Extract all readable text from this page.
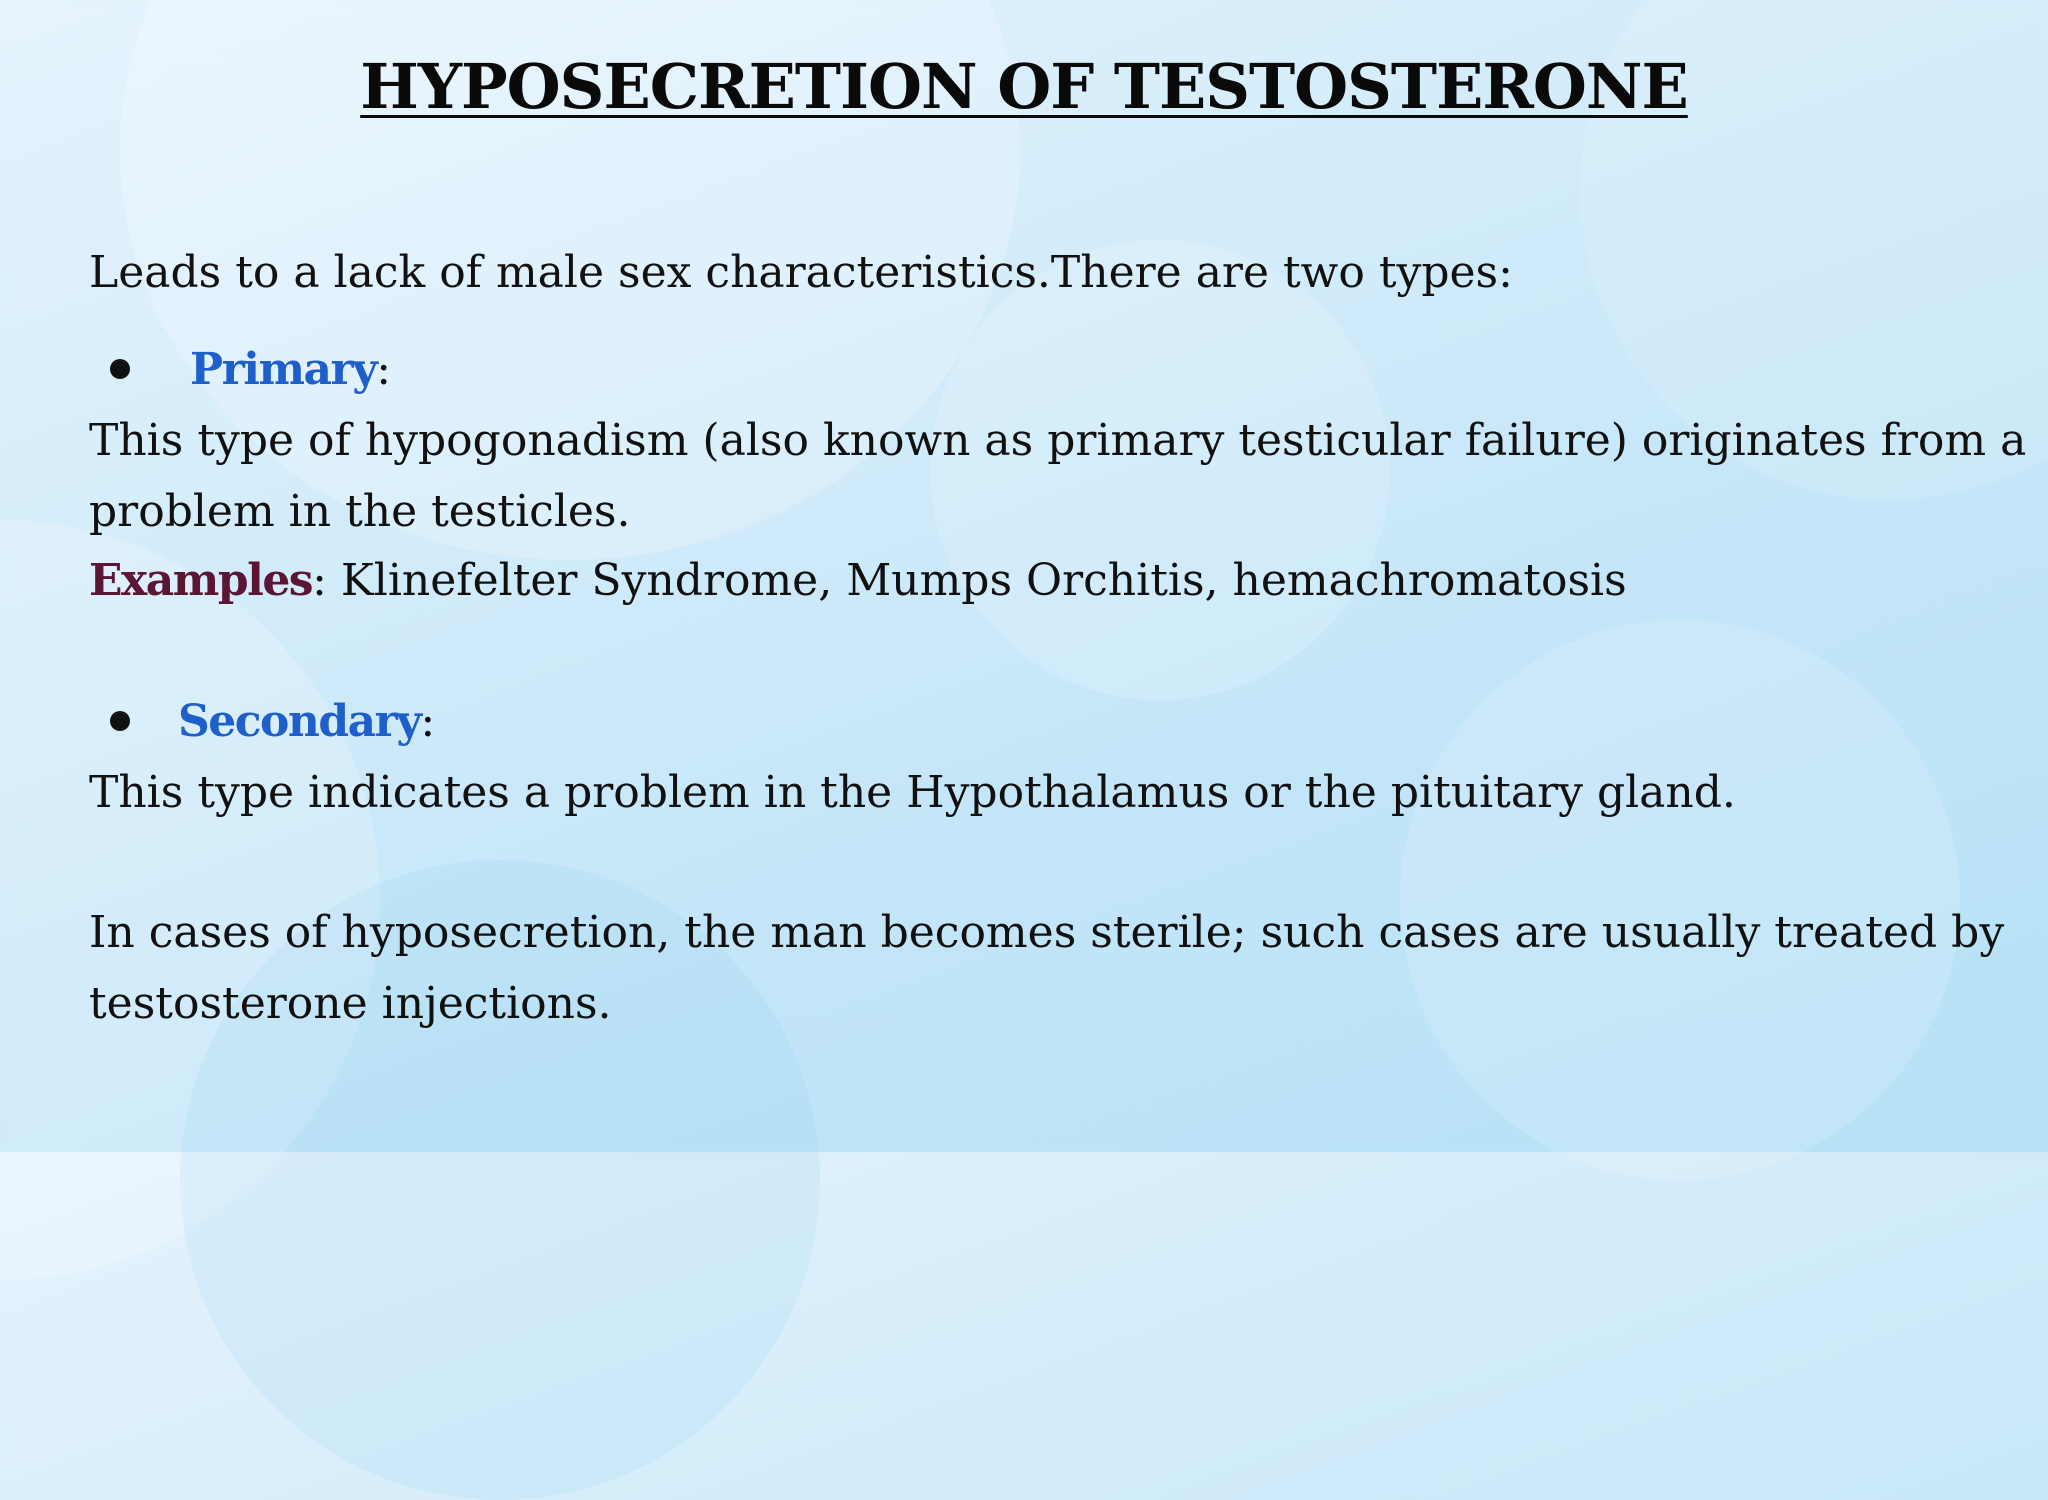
HYPOSECRETION OF TESTOSTERONE
Leads to a lack of male sex characteristics.There are two types:
Primary:
This type of hypogonadism (also known as primary testicular failure) originates from a
problem in the testicles.
Examples: Klinefelter Syndrome, Mumps Orchitis, hemachromatosis
Secondary:
This type indicates a problem in the Hypothalamus or the pituitary gland.
In cases of hyposecretion, the man becomes sterile; such cases are usually treated by
testosterone injections.
